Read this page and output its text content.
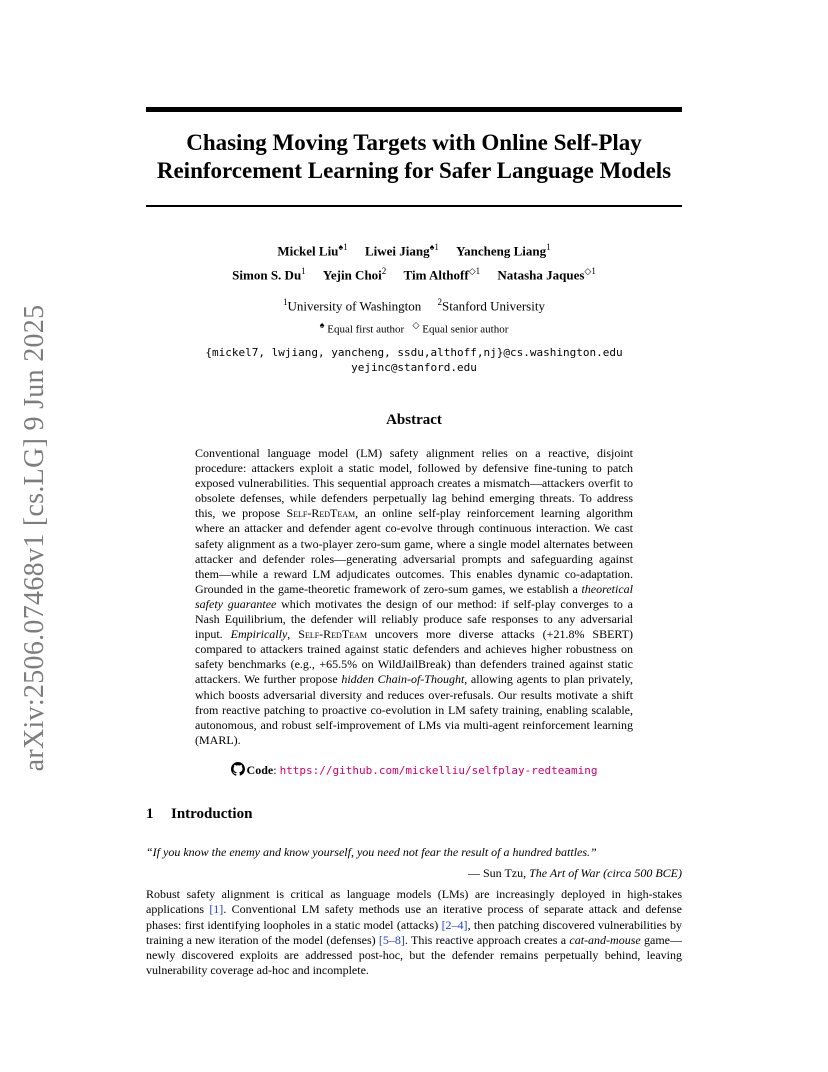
arXiv:2506.07468v1 [cs.LG] 9 Jun 2025
Chasing Moving Targets with Online Self-Play
Reinforcement Learning for Safer Language Models
Mickel Liu$^{♠1}$ Liwei Jiang$^{♠1}$ Yancheng Liang$^1$
Simon S. Du$^1$ Yejin Choi$^2$ Tim Althoff$^{◇1}$ Natasha Jaques$^{◇1}$
$^1$University of Washington $^2$Stanford University
♠ Equal first author ◇ Equal senior author
{mickel7, lwjiang, yancheng, ssdu,althoff,nj}@cs.washington.edu
yejinc@stanford.edu
Abstract

Conventional language model (LM) safety alignment relies on a reactive, disjoint procedure: attackers exploit a static model, followed by defensive fine-tuning to patch exposed vulnerabilities. This sequential approach creates a mismatch—attackers overfit to obsolete defenses, while defenders perpetually lag behind emerging threats. To address this, we propose Self-RedTeam, an online self-play reinforcement learning algorithm where an attacker and defender agent co-evolve through continuous interaction. We cast safety alignment as a two-player zero-sum game, where a single model alternates between attacker and defender roles—generating adversarial prompts and safeguarding against them—while a reward LM adjudicates outcomes. This enables dynamic co-adaptation. Grounded in the game-theoretic framework of zero-sum games, we establish a theoretical safety guarantee which motivates the design of our method: if self-play converges to a Nash Equilibrium, the defender will reliably produce safe responses to any adversarial input. Empirically, Self-RedTeam uncovers more diverse attacks (+21.8% SBERT) compared to attackers trained against static defenders and achieves higher robustness on safety benchmarks (e.g., +65.5% on WildJailBreak) than defenders trained against static attackers. We further propose hidden Chain-of-Thought, allowing agents to plan privately, which boosts adversarial diversity and reduces over-refusals. Our results motivate a shift from reactive patching to proactive co-evolution in LM safety training, enabling scalable, autonomous, and robust self-improvement of LMs via multi-agent reinforcement learning (MARL).

Code: https://github.com/mickelliu/selfplay-redteaming
1 Introduction
“If you know the enemy and know yourself, you need not fear the result of a hundred battles.”
— Sun Tzu, The Art of War (circa 500 BCE)

Robust safety alignment is critical as language models (LMs) are increasingly deployed in high-stakes applications [1]. Conventional LM safety methods use an iterative process of separate attack and defense phases: first identifying loopholes in a static model (attacks) [2–4], then patching discovered vulnerabilities by training a new iteration of the model (defenses) [5–8]. This reactive approach creates a cat-and-mouse game—newly discovered exploits are addressed post-hoc, but the defender remains perpetually behind, leaving vulnerability coverage ad-hoc and incomplete.
